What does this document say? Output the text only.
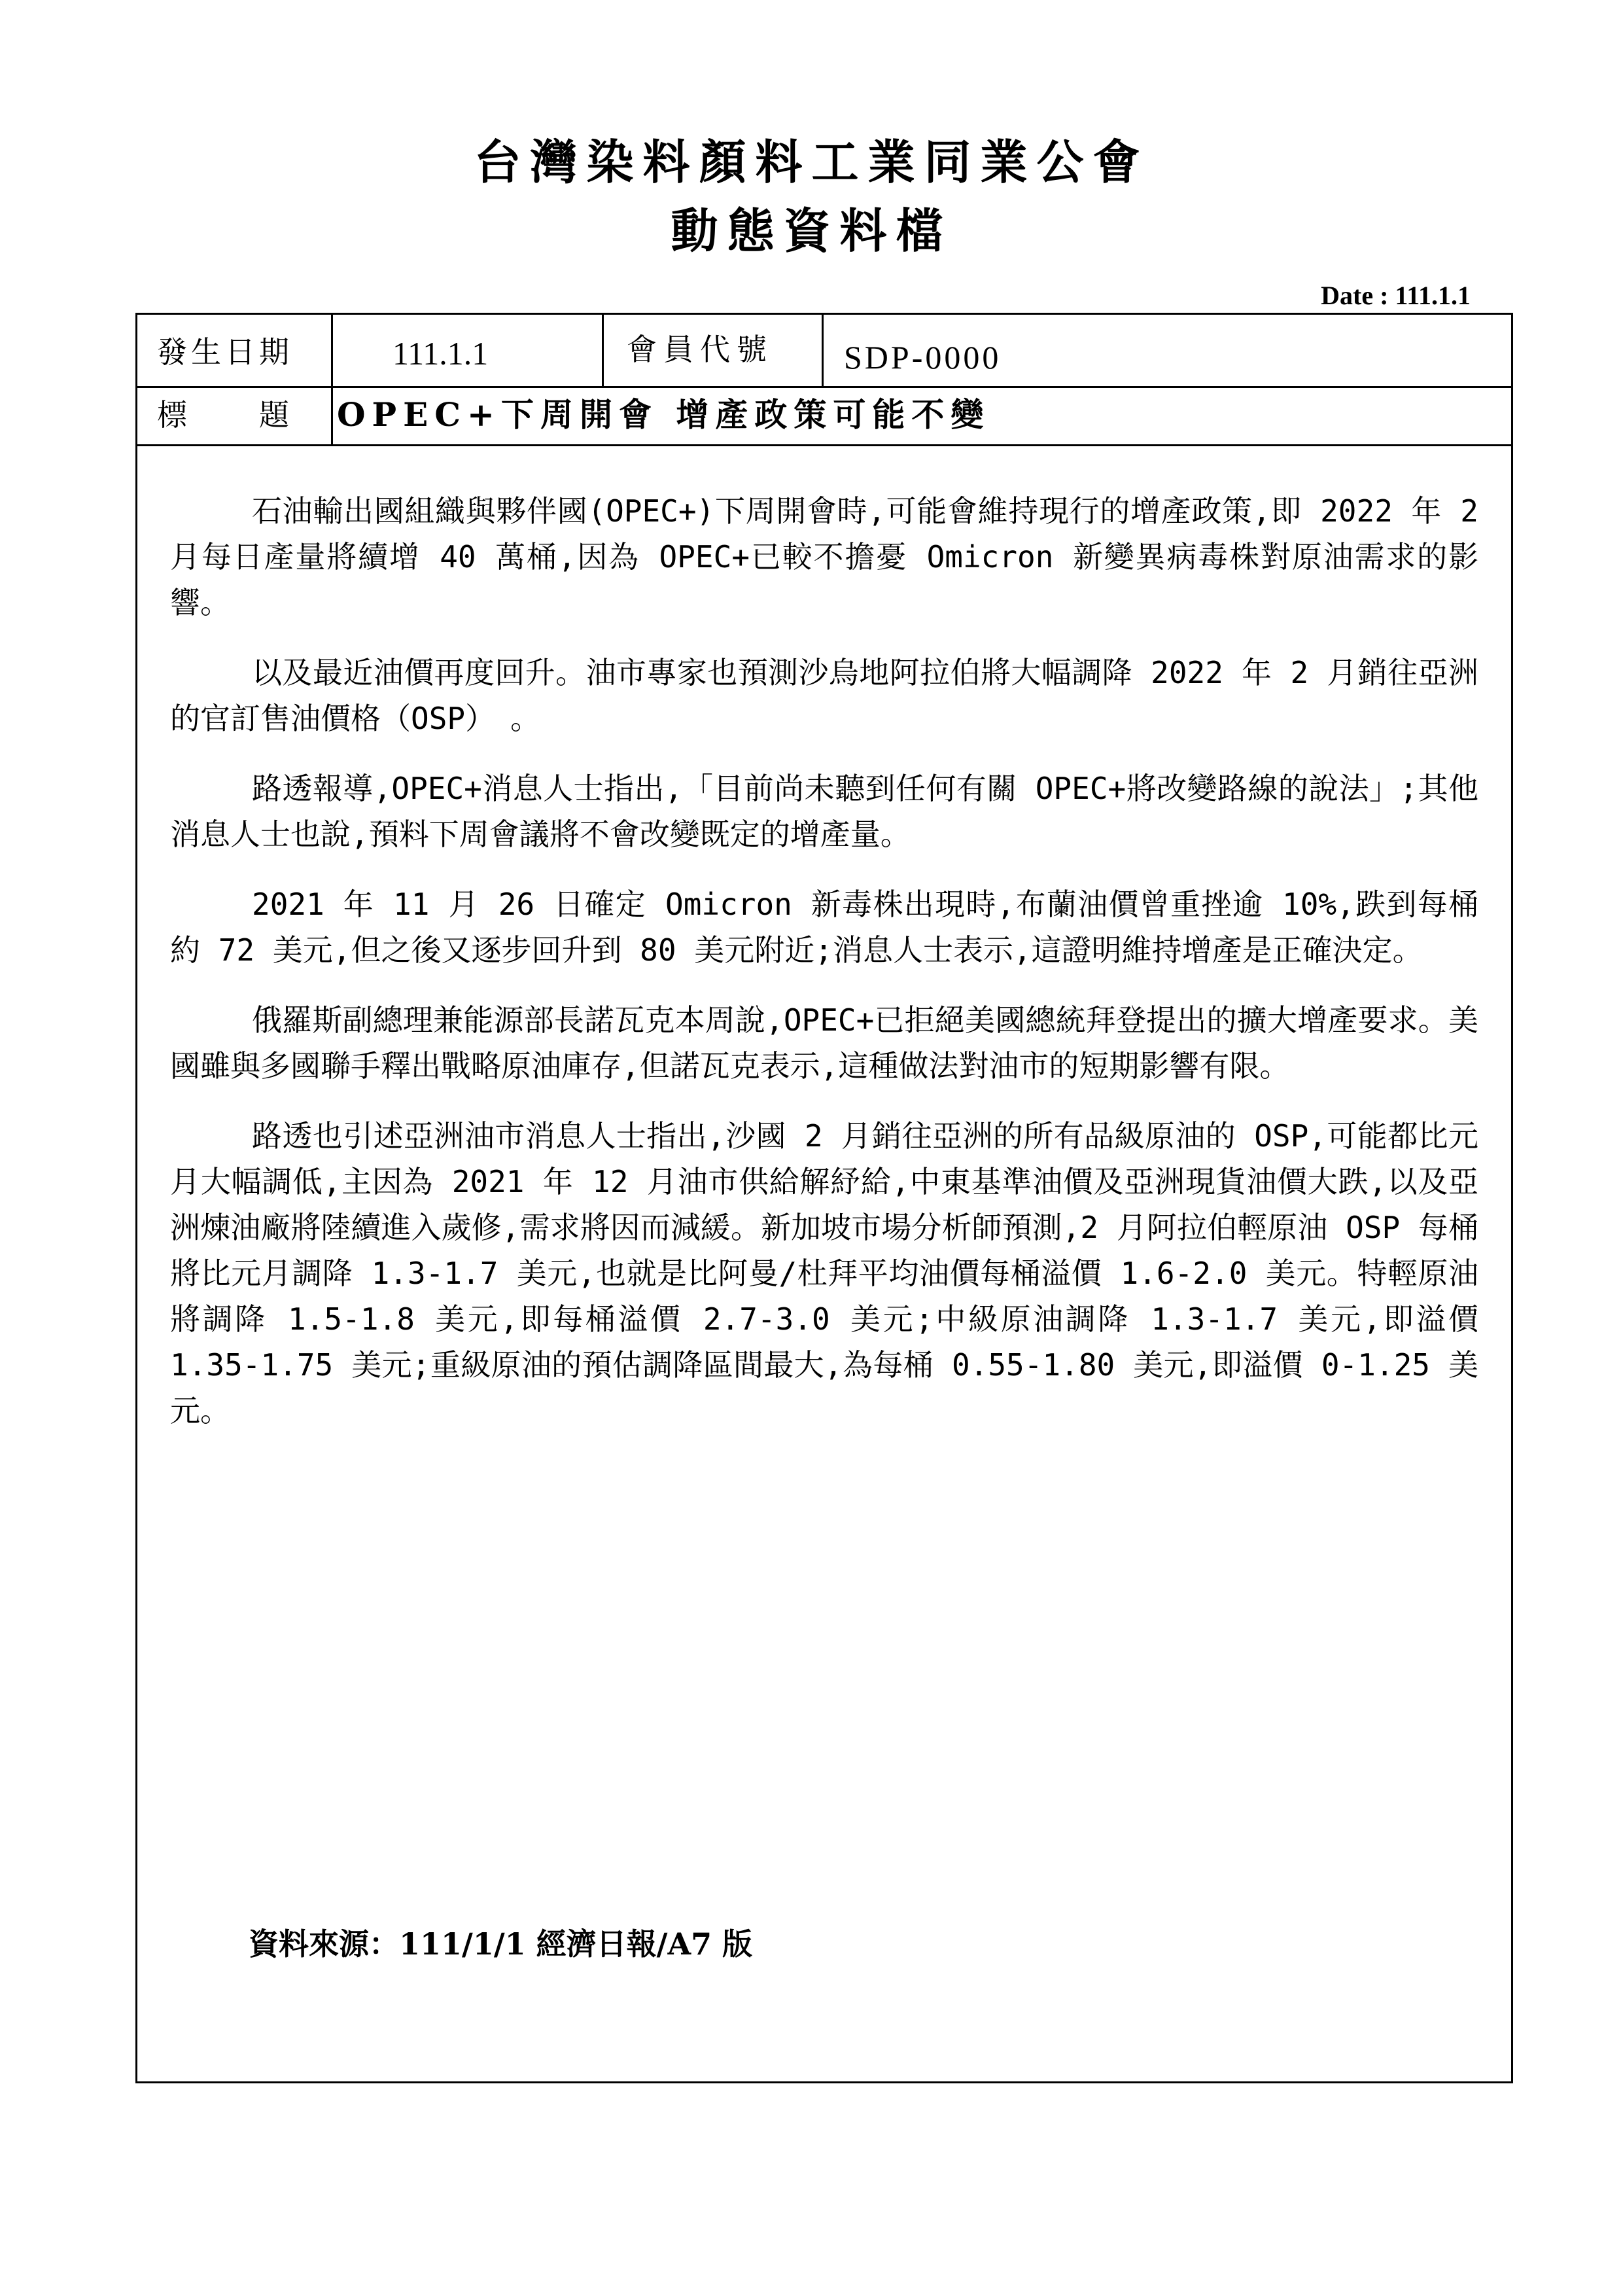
台灣染料顏料工業同業公會
動態資料檔
Date : 111.1.1
發生日期	111.1.1	會員代號 SDP-0000
標　　題 OPEC+下周開會 增產政策可能不變

石油輸出國組織與夥伴國(OPEC+)下周開會時,可能會維持現行的增產政策,即 2022 年 2 月每日產量將續增 40 萬桶,因為 OPEC+已較不擔憂 Omicron 新變異病毒株對原油需求的影響。

以及最近油價再度回升。油市專家也預測沙烏地阿拉伯將大幅調降 2022 年 2 月銷往亞洲的官訂售油價格（OSP）　。

路透報導,OPEC+消息人士指出,「目前尚未聽到任何有關 OPEC+將改變路線的說法」;其他消息人士也說,預料下周會議將不會改變既定的增產量。

2021 年 11 月 26 日確定 Omicron 新毒株出現時,布蘭油價曾重挫逾 10%,跌到每桶約 72 美元,但之後又逐步回升到 80 美元附近;消息人士表示,這證明維持增產是正確決定。

俄羅斯副總理兼能源部長諾瓦克本周說,OPEC+已拒絕美國總統拜登提出的擴大增產要求。美國雖與多國聯手釋出戰略原油庫存,但諾瓦克表示,這種做法對油市的短期影響有限。

路透也引述亞洲油市消息人士指出,沙國 2 月銷往亞洲的所有品級原油的 OSP,可能都比元月大幅調低,主因為 2021 年 12 月油市供給解紓給,中東基準油價及亞洲現貨油價大跌,以及亞洲煉油廠將陸續進入歲修,需求將因而減緩。新加坡市場分析師預測,2 月阿拉伯輕原油 OSP 每桶將比元月調降 1.3-1.7 美元,也就是比阿曼/杜拜平均油價每桶溢價 1.6-2.0 美元。特輕原油將調降 1.5-1.8 美元,即每桶溢價 2.7-3.0 美元;中級原油調降 1.3-1.7 美元,即溢價 1.35-1.75 美元;重級原油的預估調降區間最大,為每桶 0.55-1.80 美元,即溢價 0-1.25 美元。

資料來源：111/1/1 經濟日報/A7 版
